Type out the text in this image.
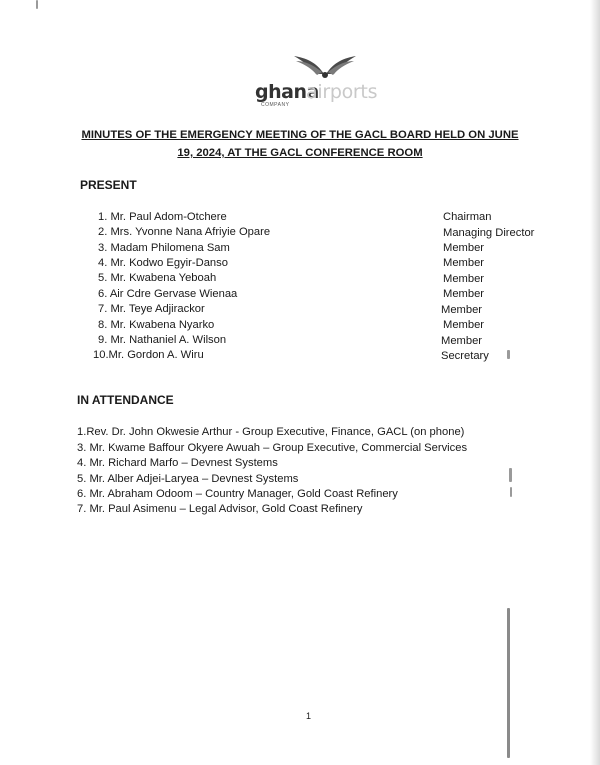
ghana
airports
COMPANY
MINUTES OF THE EMERGENCY MEETING OF THE GACL BOARD HELD ON JUNE
19, 2024, AT THE GACL CONFERENCE ROOM
PRESENT
1. Mr. Paul Adom-Otchere	Chairman
2. Mrs. Yvonne Nana Afriyie Opare	Managing Director
3. Madam Philomena Sam	Member
4. Mr. Kodwo Egyir-Danso	Member
5. Mr. Kwabena Yeboah	Member
6. Air Cdre Gervase Wienaa	Member
7. Mr. Teye Adjirackor	Member
8. Mr. Kwabena Nyarko	Member
9. Mr. Nathaniel A. Wilson	Member
10.Mr. Gordon A. Wiru	Secretary
IN ATTENDANCE
1.Rev. Dr. John Okwesie Arthur - Group Executive, Finance, GACL (on phone)
3. Mr. Kwame Baffour Okyere Awuah – Group Executive, Commercial Services
4. Mr. Richard Marfo – Devnest Systems
5. Mr. Alber Adjei-Laryea – Devnest Systems
6. Mr. Abraham Odoom – Country Manager, Gold Coast Refinery
7. Mr. Paul Asimenu – Legal Advisor, Gold Coast Refinery
1
